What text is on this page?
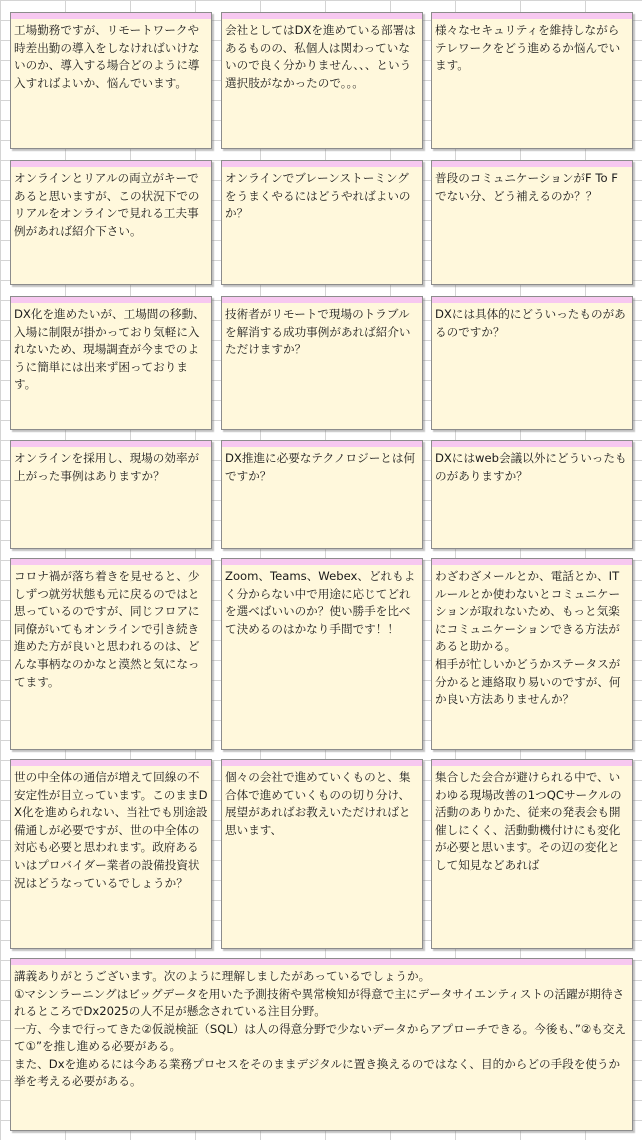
工場勤務ですが、リモートワークや時差出勤の導入をしなければいけないのか、導入する場合どのように導入すればよいか、悩んでいます。
会社としてはDXを進めている部署はあるものの、私個人は関わっていないので良く分かりません、、、という選択肢がなかったので。。。
様々なセキュリティを維持しながらテレワークをどう進めるか悩んでいます。
オンラインとリアルの両立がキーであると思いますが、この状況下でのリアルをオンラインで見れる工夫事例があれば紹介下さい。
オンラインでブレーンストーミングをうまくやるにはどうやればよいのか？
普段のコミュニケーションがF To Fでない分、どう補えるのか？？
DX化を進めたいが、工場間の移動、入場に制限が掛かっており気軽に入れないため、現場調査が今までのように簡単には出来ず困っております。
技術者がリモートで現場のトラブルを解消する成功事例があれば紹介いただけますか？
DXには具体的にどういったものがあるのですか？
オンラインを採用し、現場の効率が上がった事例はありますか？
DX推進に必要なテクノロジーとは何ですか？
DXにはweb会議以外にどういったものがありますか？
コロナ禍が落ち着きを見せると、少しずつ就労状態も元に戻るのではと思っているのですが、同じフロアに同僚がいてもオンラインで引き続き進めた方が良いと思われるのは、どんな事柄なのかなと漠然と気になってます。
Zoom、Teams、Webex、どれもよく分からない中で用途に応じてどれを選べばいいのか？使い勝手を比べて決めるのはかなり手間です！！
わざわざメールとか、電話とか、ITルールとか使わないとコミュニケーションが取れないため、もっと気楽にコミュニケーションできる方法があると助かる。
相手が忙しいかどうかステータスが分かると連絡取り易いのですが、何か良い方法ありませんか？
世の中全体の通信が増えて回線の不安定性が目立っています。このままDX化を進められない、当社でも別途設備通しが必要ですが、世の中全体の対応も必要と思われます。政府あるいはプロバイダー業者の設備投資状況はどうなっているでしょうか？
個々の会社で進めていくものと、集合体で進めていくものの切り分け、展望があればお教えいただければと思います、
集合した会合が避けられる中で、いわゆる現場改善の1つQCサークルの活動のありかた、従来の発表会も開催しにくく、活動動機付けにも変化が必要と思います。その辺の変化として知見などあれば
講義ありがとうございます。次のように理解しましたがあっているでしょうか。
①マシンラーニングはビッグデータを用いた予測技術や異常検知が得意で主にデータサイエンティストの活躍が期待されるところでDx2025の人不足が懸念されている注目分野。
一方、今まで行ってきた②仮説検証（SQL）は人の得意分野で少ないデータからアプローチできる。今後も、”②も交えて①”を推し進める必要がある。
また、Dxを進めるには今ある業務プロセスをそのままデジタルに置き換えるのではなく、目的からどの手段を使うか挙を考える必要がある。
